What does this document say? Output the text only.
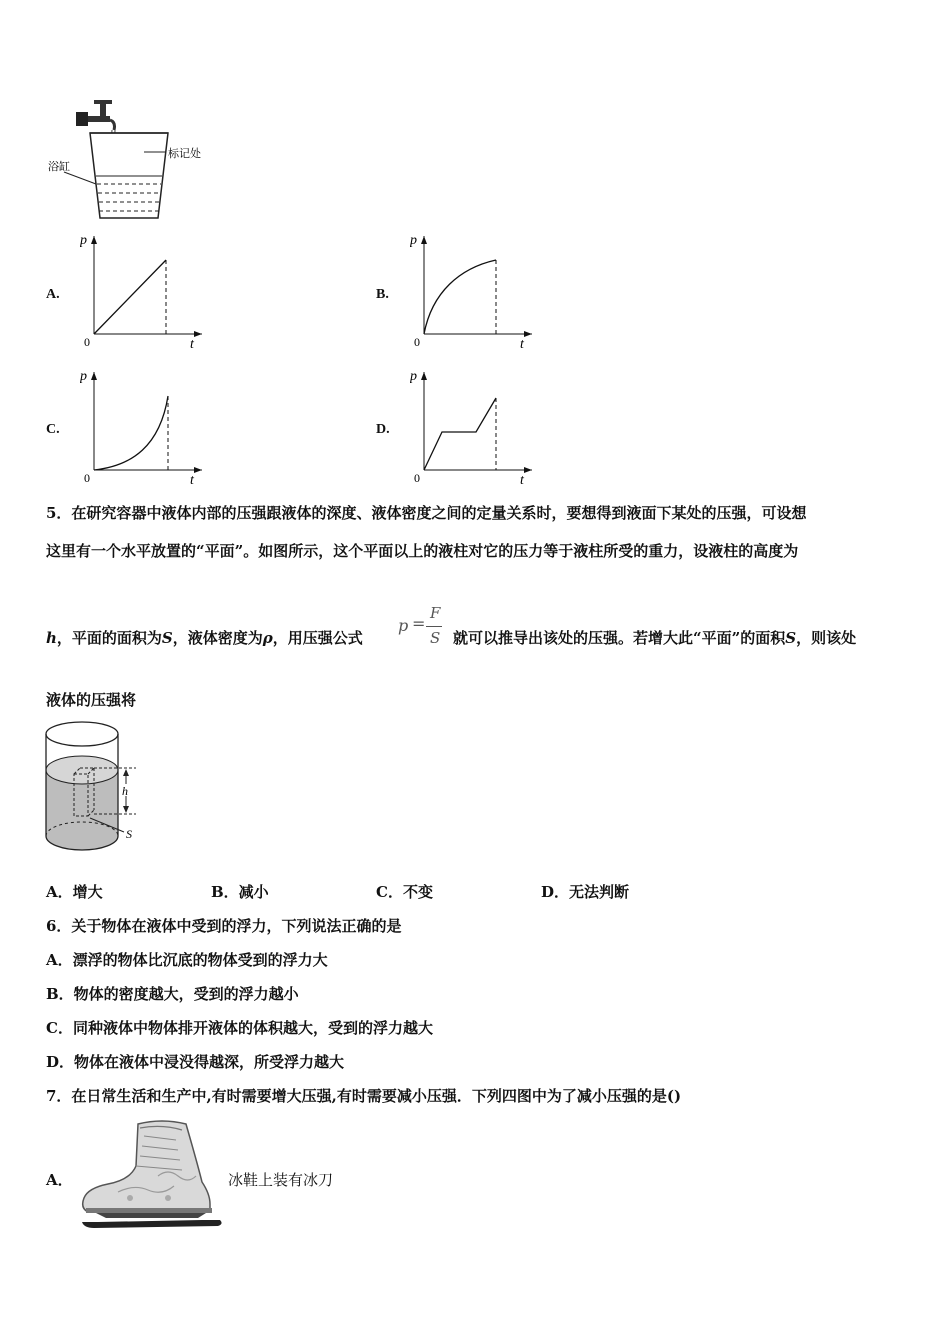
标记处
浴缸
A.	B.
C.	D.
p
t
0
p
t
0
p
t
0
p
t
0
5．在研究容器中液体内部的压强跟液体的深度、液体密度之间的定量关系时，要想得到液面下某处的压强，可设想
这里有一个水平放置的“平面”。如图所示，这个平面以上的液柱对它的压力等于液柱所受的重力，设液柱的高度为
h，平面的面积为S，液体密度为ρ，用压强公式
p =
F
S 就可以推导出该处的压强。若增大此“平面”的面积S，则该处
液体的压强将
h
S
A．增大	B．减小	C．不变	D．无法判断
6．关于物体在液体中受到的浮力，下列说法正确的是
A．漂浮的物体比沉底的物体受到的浮力大
B．物体的密度越大，受到的浮力越小
C．同种液体中物体排开液体的体积越大，受到的浮力越大
D．物体在液体中浸没得越深，所受浮力越大
7．在日常生活和生产中,有时需要增大压强,有时需要减小压强．下列四图中为了减小压强的是()
A．	冰鞋上装有冰刀
